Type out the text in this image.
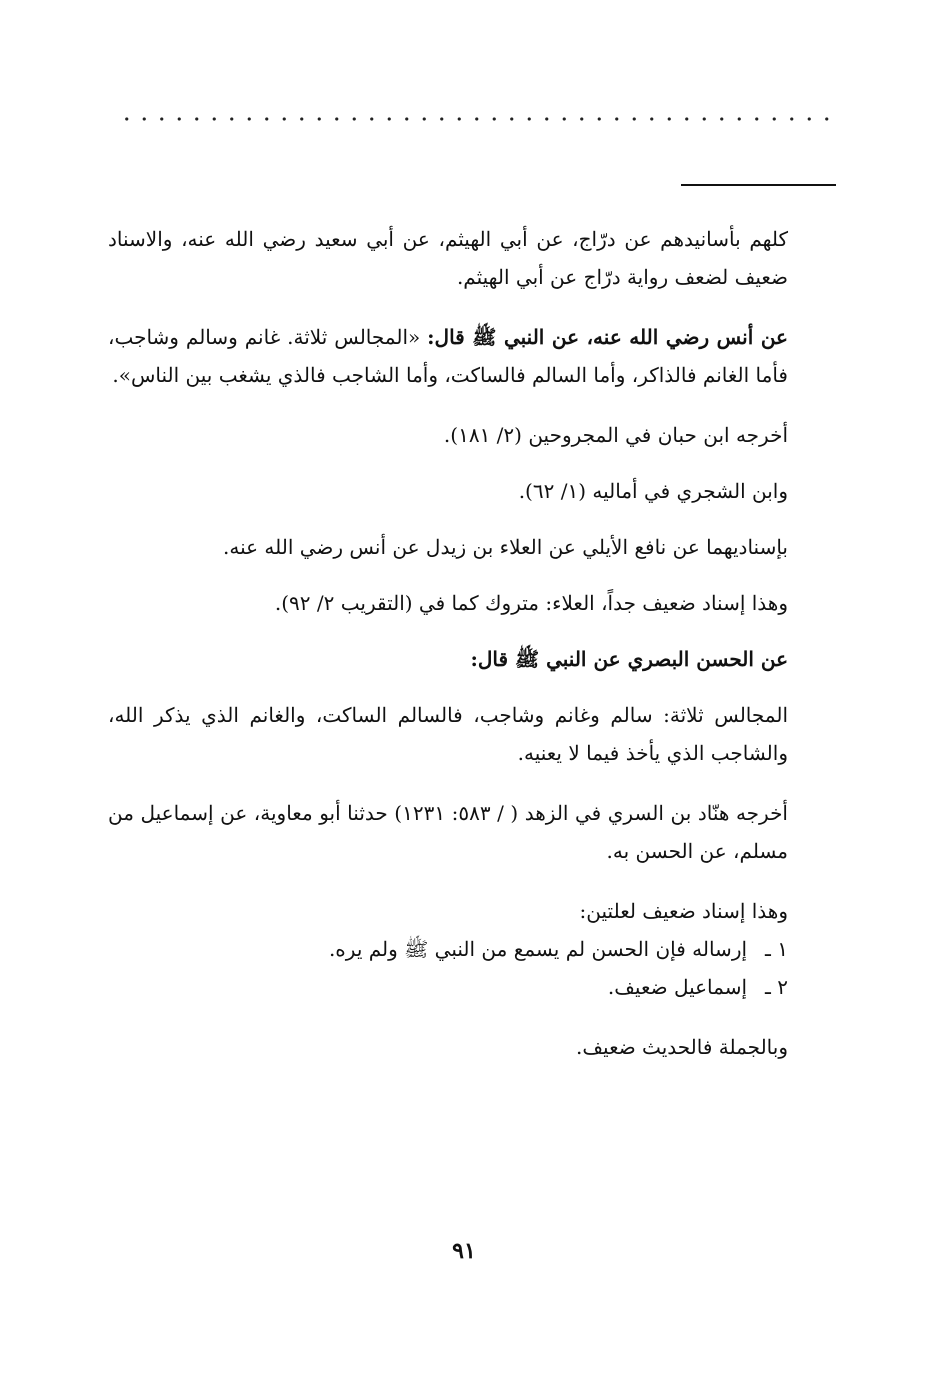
كلهم بأسانيدهم عن درّاج، عن أبي الهيثم، عن أبي سعيد رضي الله عنه، والاسناد ضعيف لضعف رواية درّاج عن أبي الهيثم.

عن أنس رضي الله عنه، عن النبي ﷺ قال: «المجالس ثلاثة. غانم وسالم وشاجب، فأما الغانم فالذاكر، وأما السالم فالساكت، وأما الشاجب فالذي يشغب بين الناس».

أخرجه ابن حبان في المجروحين (٢/ ١٨١).

وابن الشجري في أماليه (١/ ٦٢).

بإسناديهما عن نافع الأيلي عن العلاء بن زيدل عن أنس رضي الله عنه.

وهذا إسناد ضعيف جداً، العلاء: متروك كما في (التقريب ٢/ ٩٢).

عن الحسن البصري عن النبي ﷺ قال:

المجالس ثلاثة: سالم وغانم وشاجب، فالسالم الساكت، والغانم الذي يذكر الله، والشاجب الذي يأخذ فيما لا يعنيه.

أخرجه هنّاد بن السري في الزهد ( / ٥٨٣: ١٢٣١) حدثنا أبو معاوية، عن إسماعيل من مسلم، عن الحسن به.

وهذا إسناد ضعيف لعلتين:

١ ـإرساله فإن الحسن لم يسمع من النبي ﷺ ولم يره.

٢ ـإسماعيل ضعيف.

وبالجملة فالحديث ضعيف.

٩١
